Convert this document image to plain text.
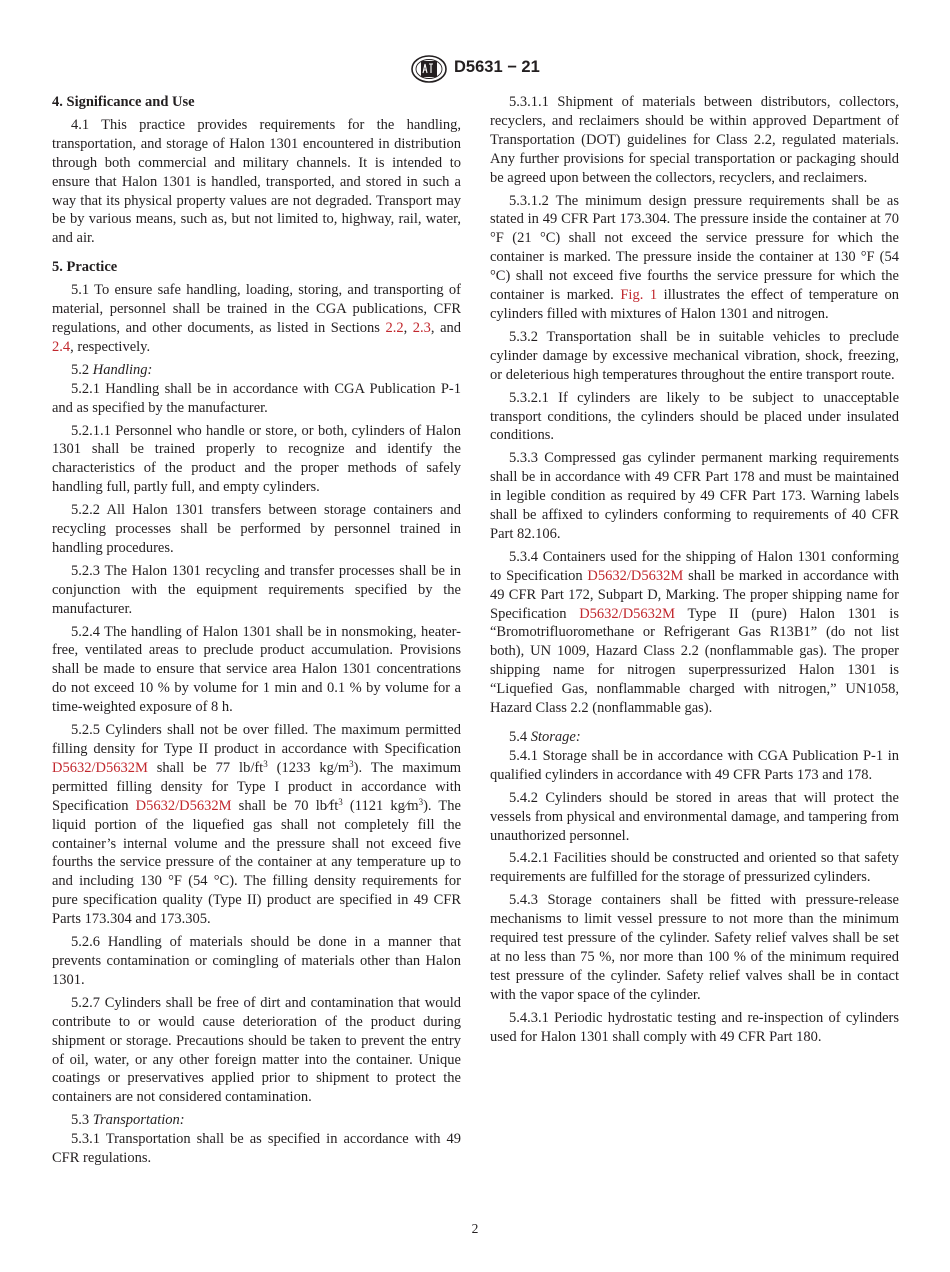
D5631 − 21
4. Significance and Use

4.1 This practice provides requirements for the handling, transportation, and storage of Halon 1301 encountered in distribution through both commercial and military channels. It is intended to ensure that Halon 1301 is handled, transported, and stored in such a way that its physical property values are not degraded. Transport may be by various means, such as, but not limited to, highway, rail, water, and air.

5. Practice

5.1 To ensure safe handling, loading, storing, and transporting of material, personnel shall be trained in the CGA publications, CFR regulations, and other documents, as listed in Sections 2.2, 2.3, and 2.4, respectively.

5.2 Handling:

5.2.1 Handling shall be in accordance with CGA Publication P-1 and as specified by the manufacturer.

5.2.1.1 Personnel who handle or store, or both, cylinders of Halon 1301 shall be trained properly to recognize and identify the characteristics of the product and the proper methods of safely handling full, partly full, and empty cylinders.

5.2.2 All Halon 1301 transfers between storage containers and recycling processes shall be performed by personnel trained in handling procedures.

5.2.3 The Halon 1301 recycling and transfer processes shall be in conjunction with the equipment requirements specified by the manufacturer.

5.2.4 The handling of Halon 1301 shall be in nonsmoking, heater-free, ventilated areas to preclude product accumulation. Provisions shall be made to ensure that service area Halon 1301 concentrations do not exceed 10 % by volume for 1 min and 0.1 % by volume for a time-weighted exposure of 8 h.

5.2.5 Cylinders shall not be over filled. The maximum permitted filling density for Type II product in accordance with Specification D5632/D5632M shall be 77 $lb/ft^3$ (1233 $kg/m^3$). The maximum permitted filling density for Type I product in accordance with Specification D5632/D5632M shall be 70 $lb⁄ft^3$ (1121 $kg⁄m^3$). The liquid portion of the liquefied gas shall not completely fill the container’s internal volume and the pressure shall not exceed five fourths the service pressure of the container at any temperature up to and including 130 °F (54 °C). The filling density requirements for pure specification quality (Type II) product are specified in 49 CFR Parts 173.304 and 173.305.

5.2.6 Handling of materials should be done in a manner that prevents contamination or comingling of materials other than Halon 1301.

5.2.7 Cylinders shall be free of dirt and contamination that would contribute to or would cause deterioration of the product during shipment or storage. Precautions should be taken to prevent the entry of oil, water, or any other foreign matter into the container. Unique coatings or preservatives applied prior to shipment to protect the containers are not considered contamination.

5.3 Transportation:

5.3.1 Transportation shall be as specified in accordance with 49 CFR regulations.

5.3.1.1 Shipment of materials between distributors, collectors, recyclers, and reclaimers should be within approved Department of Transportation (DOT) guidelines for Class 2.2, regulated materials. Any further provisions for special transportation or packaging should be agreed upon between the collectors, recyclers, and reclaimers.

5.3.1.2 The minimum design pressure requirements shall be as stated in 49 CFR Part 173.304. The pressure inside the container at 70 °F (21 °C) shall not exceed the service pressure for which the container is marked. The pressure inside the container at 130 °F (54 °C) shall not exceed five fourths the service pressure for which the container is marked. Fig. 1 illustrates the effect of temperature on cylinders filled with mixtures of Halon 1301 and nitrogen.

5.3.2 Transportation shall be in suitable vehicles to preclude cylinder damage by excessive mechanical vibration, shock, freezing, or deleterious high temperatures throughout the entire transport route.

5.3.2.1 If cylinders are likely to be subject to unacceptable transport conditions, the cylinders should be placed under insulated conditions.

5.3.3 Compressed gas cylinder permanent marking requirements shall be in accordance with 49 CFR Part 178 and must be maintained in legible condition as required by 49 CFR Part 173. Warning labels shall be affixed to cylinders conforming to requirements of 40 CFR Part 82.106.

5.3.4 Containers used for the shipping of Halon 1301 conforming to Specification D5632/D5632M shall be marked in accordance with 49 CFR Part 172, Subpart D, Marking. The proper shipping name for Specification D5632/D5632M Type II (pure) Halon 1301 is “Bromotrifluoromethane or Refrigerant Gas R13B1” (do not list both), UN 1009, Hazard Class 2.2 (nonflammable gas). The proper shipping name for nitrogen superpressurized Halon 1301 is “Liquefied Gas, nonflammable charged with nitrogen,” UN1058, Hazard Class 2.2 (nonflammable gas).

5.4 Storage:

5.4.1 Storage shall be in accordance with CGA Publication P-1 in qualified cylinders in accordance with 49 CFR Parts 173 and 178.

5.4.2 Cylinders should be stored in areas that will protect the vessels from physical and environmental damage, and tampering from unauthorized personnel.

5.4.2.1 Facilities should be constructed and oriented so that safety requirements are fulfilled for the storage of pressurized cylinders.

5.4.3 Storage containers shall be fitted with pressure-release mechanisms to limit vessel pressure to not more than the minimum required test pressure of the cylinder. Safety relief valves shall be set at no less than 75 %, nor more than 100 % of the minimum required test pressure of the cylinder. Safety relief valves shall be in contact with the vapor space of the cylinder.

5.4.3.1 Periodic hydrostatic testing and re-inspection of cylinders used for Halon 1301 shall comply with 49 CFR Part 180.

2
